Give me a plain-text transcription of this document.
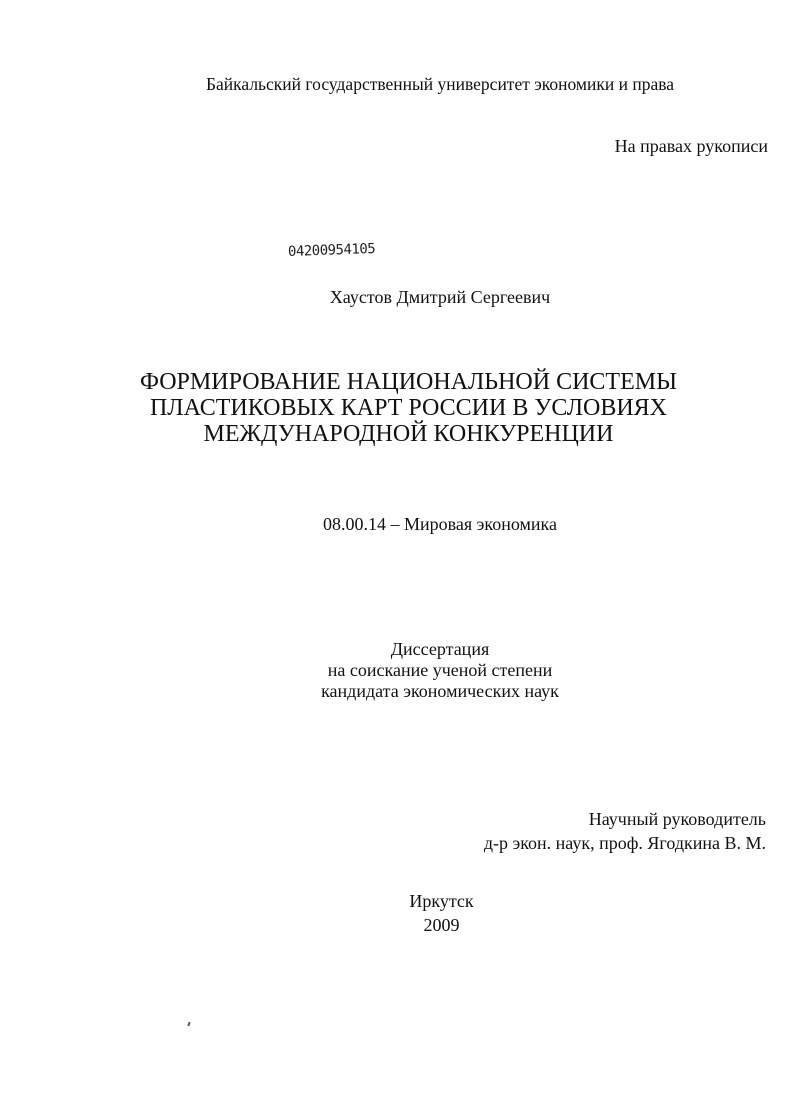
Байкальский государственный университет экономики и права
На правах рукописи
04200954105
Хаустов Дмитрий Сергеевич
ФОРМИРОВАНИЕ НАЦИОНАЛЬНОЙ СИСТЕМЫ
ПЛАСТИКОВЫХ КАРТ РОССИИ В УСЛОВИЯХ
МЕЖДУНАРОДНОЙ КОНКУРЕНЦИИ
08.00.14 – Мировая экономика
Диссертация
на соискание ученой степени
кандидата экономических наук
Научный руководитель
д-р экон. наук, проф. Ягодкина В. М.
Иркутск
2009
